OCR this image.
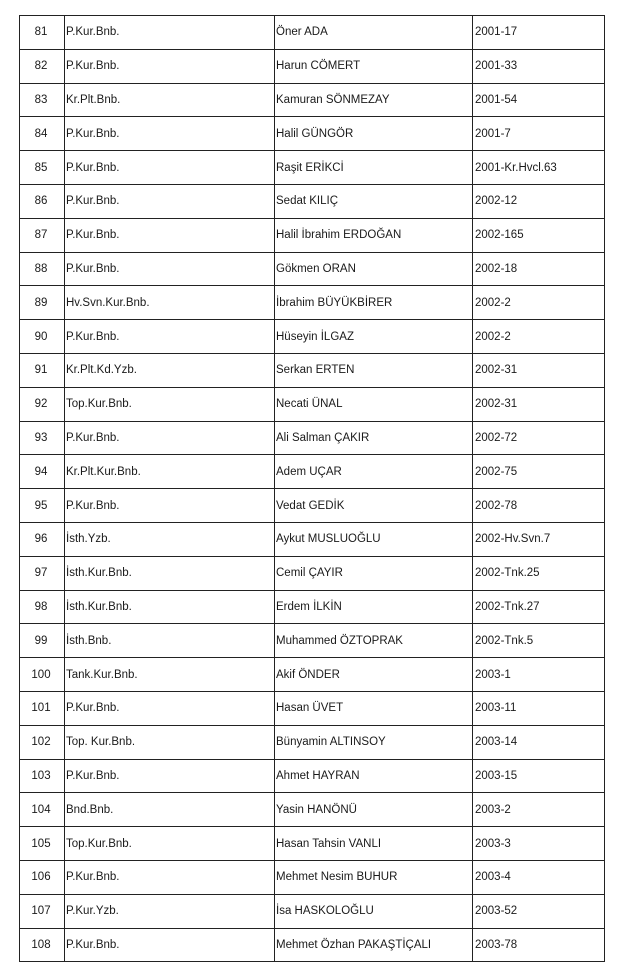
81	P.Kur.Bnb.	Öner ADA	2001-17
82	P.Kur.Bnb.	Harun CÖMERT	2001-33
83	Kr.Plt.Bnb.	Kamuran SÖNMEZAY	2001-54
84	P.Kur.Bnb.	Halil GÜNGÖR	2001-7
85	P.Kur.Bnb.	Raşit ERİKCİ	2001-Kr.Hvcl.63
86	P.Kur.Bnb.	Sedat KILIÇ	2002-12
87	P.Kur.Bnb.	Halil İbrahim ERDOĞAN	2002-165
88	P.Kur.Bnb.	Gökmen ORAN	2002-18
89	Hv.Svn.Kur.Bnb.	İbrahim BÜYÜKBİRER	2002-2
90	P.Kur.Bnb.	Hüseyin İLGAZ	2002-2
91	Kr.Plt.Kd.Yzb.	Serkan ERTEN	2002-31
92	Top.Kur.Bnb.	Necati ÜNAL	2002-31
93	P.Kur.Bnb.	Ali Salman ÇAKIR	2002-72
94	Kr.Plt.Kur.Bnb.	Adem UÇAR	2002-75
95	P.Kur.Bnb.	Vedat GEDİK	2002-78
96	İsth.Yzb.	Aykut MUSLUOĞLU	2002-Hv.Svn.7
97	İsth.Kur.Bnb.	Cemil ÇAYIR	2002-Tnk.25
98	İsth.Kur.Bnb.	Erdem İLKİN	2002-Tnk.27
99	İsth.Bnb.	Muhammed ÖZTOPRAK	2002-Tnk.5
100	Tank.Kur.Bnb.	Akif ÖNDER	2003-1
101	P.Kur.Bnb.	Hasan ÜVET	2003-11
102	Top. Kur.Bnb.	Bünyamin ALTINSOY	2003-14
103	P.Kur.Bnb.	Ahmet HAYRAN	2003-15
104	Bnd.Bnb.	Yasin HANÖNÜ	2003-2
105	Top.Kur.Bnb.	Hasan Tahsin VANLI	2003-3
106	P.Kur.Bnb.	Mehmet Nesim BUHUR	2003-4
107	P.Kur.Yzb.	İsa HASKOLOĞLU	2003-52
108	P.Kur.Bnb.	Mehmet Özhan PAKAŞTİÇALI	2003-78
